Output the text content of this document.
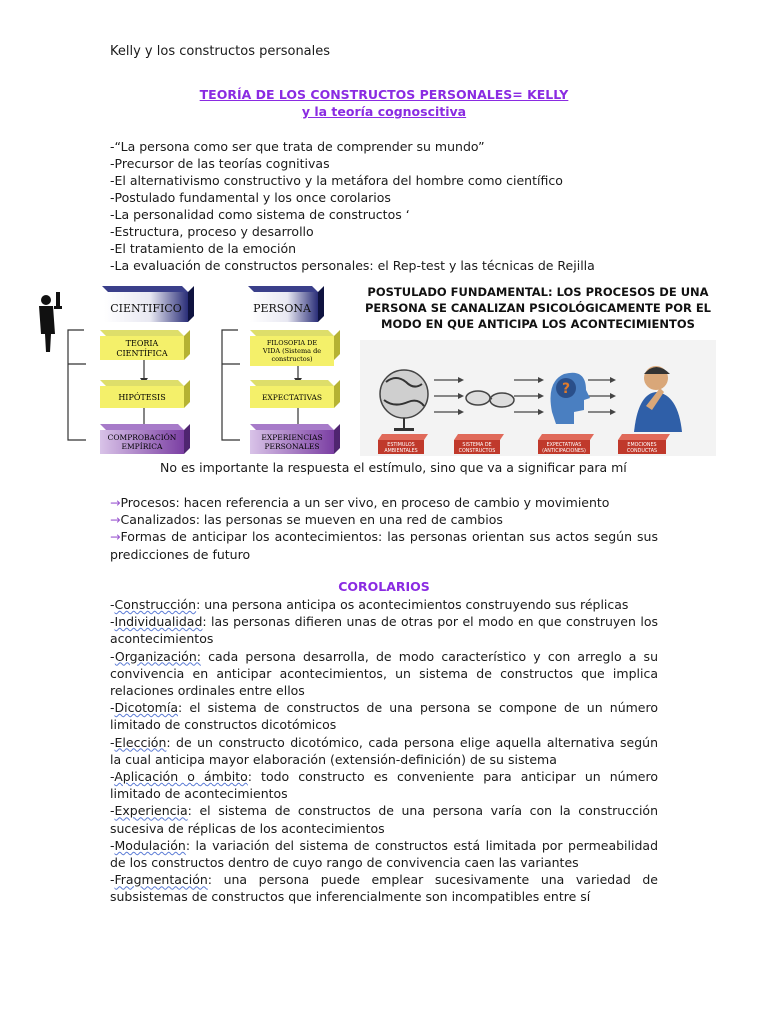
Kelly y los constructos personales
TEORÍA DE LOS CONSTRUCTOS PERSONALES= KELLY
y la teoría cognoscitiva
-“La persona como ser que trata de comprender su mundo”
-Precursor de las teorías cognitivas
-El alternativismo constructivo y la metáfora del hombre como científico
-Postulado fundamental y los once corolarios
-La personalidad como sistema de constructos ‘
-Estructura, proceso y desarrollo
-El tratamiento de la emoción
-La evaluación de constructos personales: el Rep-test y las técnicas de Rejilla
CIENTIFICO	PERSONA
TEORIA
CIENTÍFICA
HIPÓTESIS
COMPROBACIÓN
EMPÍRICA
FILOSOFIA DE
VIDA (Sistema de
constructos)
EXPECTATIVAS
EXPERIENCIAS
PERSONALES
POSTULADO FUNDAMENTAL: LOS PROCESOS DE UNA
PERSONA SE CANALIZAN PSICOLÓGICAMENTE POR EL
MODO EN QUE ANTICIPA LOS ACONTECIMIENTOS
?
ESTIMULOS
AMBIENTALES
SISTEMA DE
CONSTRUCTOS
EXPECTATIVAS
(ANTICIPACIONES)
EMOCIONES
CONDUCTAS
No es importante la respuesta el estímulo, sino que va a significar para mí
→Procesos: hacen referencia a un ser vivo, en proceso de cambio y movimiento
→Canalizados: las personas se mueven en una red de cambios
→Formas de anticipar los acontecimientos: las personas orientan sus actos según sus predicciones de futuro
COROLARIOS
-Construcción: una persona anticipa os acontecimientos construyendo sus réplicas
-Individualidad: las personas difieren unas de otras por el modo en que construyen los acontecimientos
-Organización: cada persona desarrolla, de modo característico y con arreglo a su convivencia en anticipar acontecimientos, un sistema de constructos que implica relaciones ordinales entre ellos
-Dicotomía: el sistema de constructos de una persona se compone de un número limitado de constructos dicotómicos
-Elección: de un constructo dicotómico, cada persona elige aquella alternativa según la cual anticipa mayor elaboración (extensión-definición) de su sistema
-Aplicación o ámbito: todo constructo es conveniente para anticipar un número limitado de acontecimientos
-Experiencia: el sistema de constructos de una persona varía con la construcción sucesiva de réplicas de los acontecimientos
-Modulación: la variación del sistema de constructos está limitada por permeabilidad de los constructos dentro de cuyo rango de convivencia caen las variantes
-Fragmentación: una persona puede emplear sucesivamente una variedad de subsistemas de constructos que inferencialmente son incompatibles entre sí
